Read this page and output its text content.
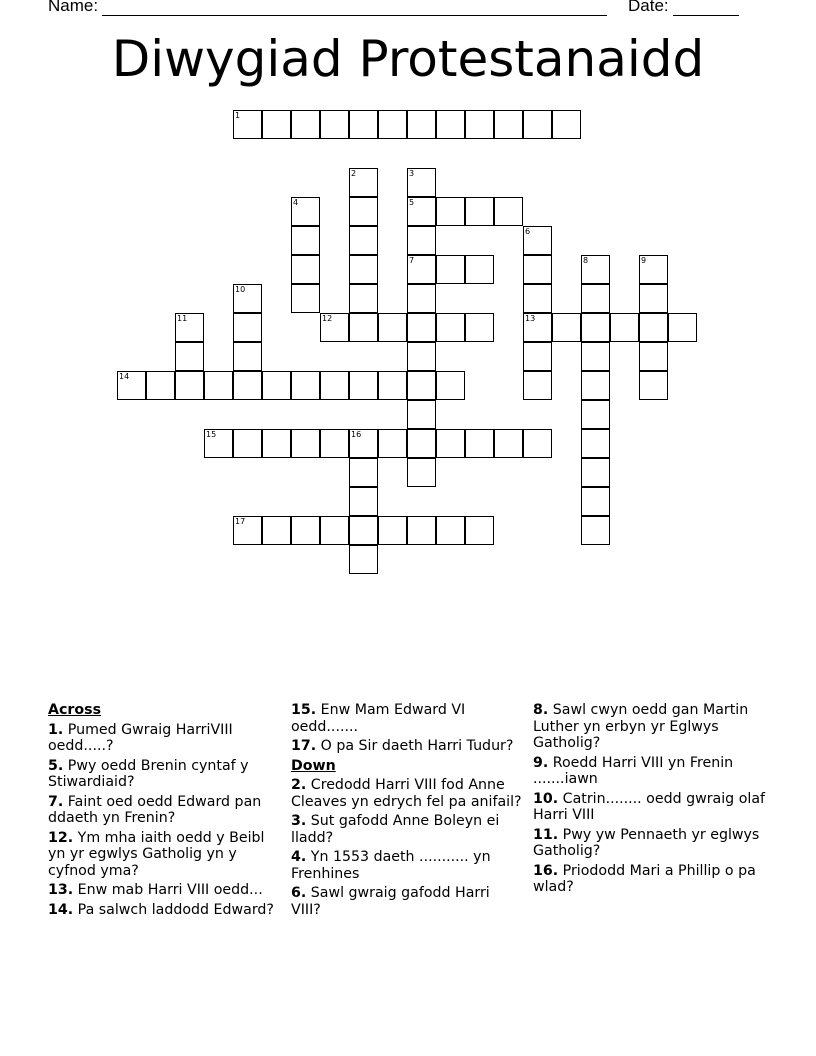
Name:	Date:
Diwygiad Protestanaidd
1
2	3
4	5
6
7	8	9
10
11	12	13
14
15	16
17
Across
1. Pumed Gwraig HarriVIII oedd.....?
5. Pwy oedd Brenin cyntaf y Stiwardiaid?
7. Faint oed oedd Edward pan ddaeth yn Frenin?
12. Ym mha iaith oedd y Beibl yn yr egwlys Gatholig yn y cyfnod yma?
13. Enw mab Harri VIII oedd...
14. Pa salwch laddodd Edward?
15. Enw Mam Edward VI oedd.......
17. O pa Sir daeth Harri Tudur?
Down
2. Credodd Harri VIII fod Anne Cleaves yn edrych fel pa anifail?
3. Sut gafodd Anne Boleyn ei lladd?
4. Yn 1553 daeth ........... yn Frenhines
6. Sawl gwraig gafodd Harri VIII?
8. Sawl cwyn oedd gan Martin Luther yn erbyn yr Eglwys Gatholig?
9. Roedd Harri VIII yn Frenin .......iawn
10. Catrin........ oedd gwraig olaf Harri VIII
11. Pwy yw Pennaeth yr eglwys Gatholig?
16. Priododd Mari a Phillip o pa wlad?
